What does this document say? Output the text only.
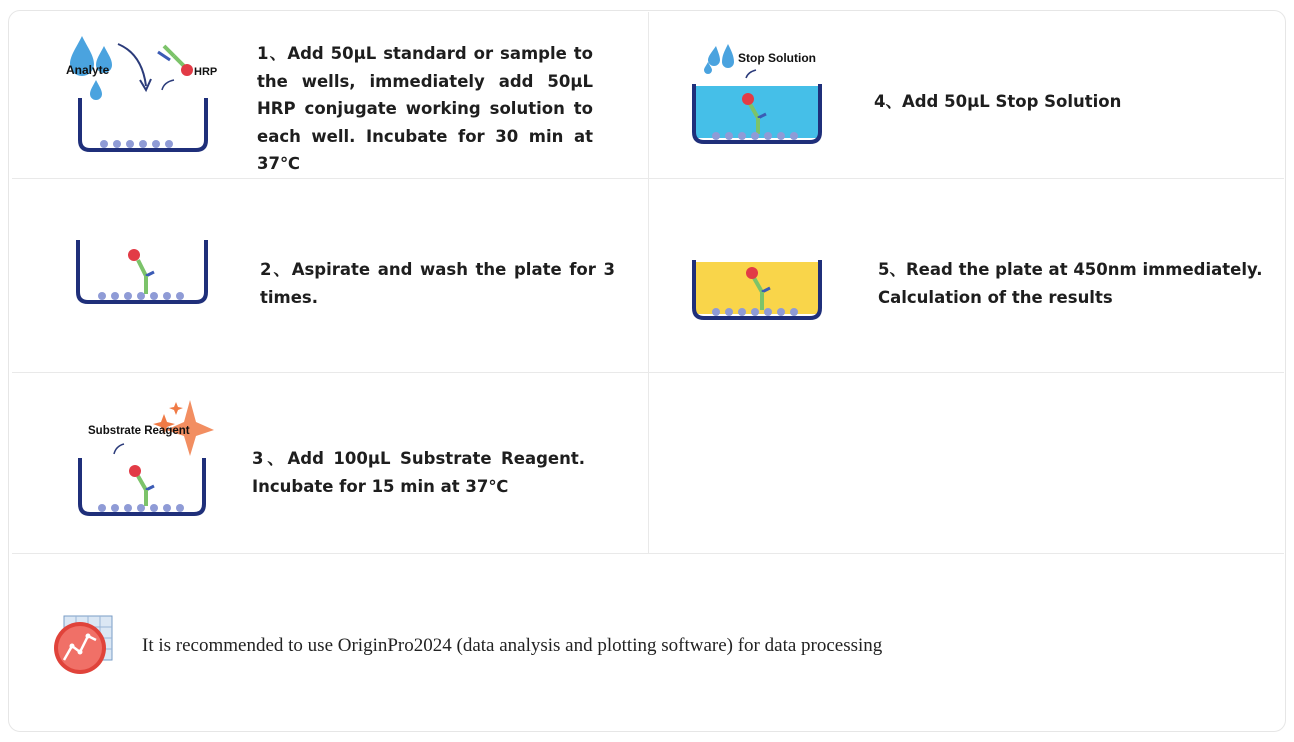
Analyte	HRP
1、Add 50μL standard or sample to the wells, immediately add 50μL HRP conjugate working solution to each well. Incubate for 30 min at 37℃
2、Aspirate and wash the plate for 3 times.
Substrate Reagent
3、Add 100μL Substrate Reagent. Incubate for 15 min at 37℃
Stop Solution
4、Add 50μL Stop Solution
5、Read the plate at 450nm immediately. Calculation of the results
It is recommended to use OriginPro2024 (data analysis and plotting software) for data processing
